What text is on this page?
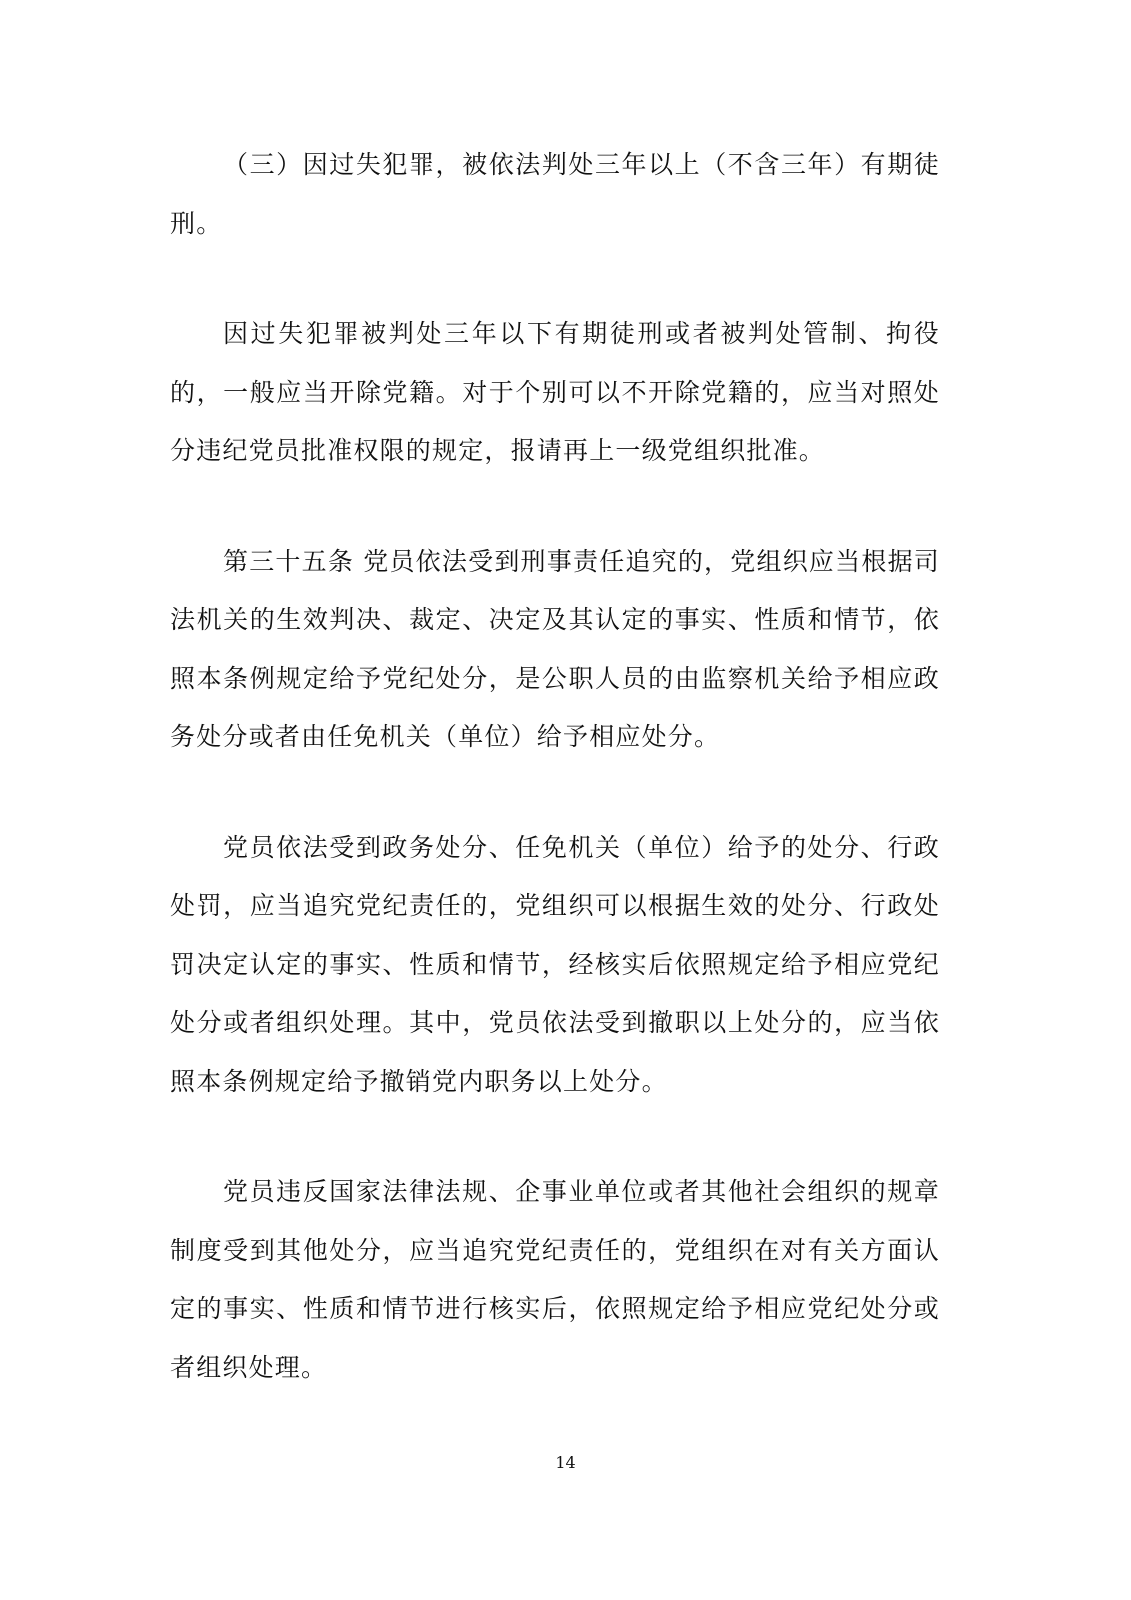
（三）因过失犯罪，被依法判处三年以上（不含三年）有期徒刑。

因过失犯罪被判处三年以下有期徒刑或者被判处管制、拘役的，一般应当开除党籍。对于个别可以不开除党籍的，应当对照处分违纪党员批准权限的规定，报请再上一级党组织批准。

第三十五条 党员依法受到刑事责任追究的，党组织应当根据司法机关的生效判决、裁定、决定及其认定的事实、性质和情节，依照本条例规定给予党纪处分，是公职人员的由监察机关给予相应政务处分或者由任免机关（单位）给予相应处分。

党员依法受到政务处分、任免机关（单位）给予的处分、行政处罚，应当追究党纪责任的，党组织可以根据生效的处分、行政处罚决定认定的事实、性质和情节，经核实后依照规定给予相应党纪处分或者组织处理。其中，党员依法受到撤职以上处分的，应当依照本条例规定给予撤销党内职务以上处分。

党员违反国家法律法规、企事业单位或者其他社会组织的规章制度受到其他处分，应当追究党纪责任的，党组织在对有关方面认定的事实、性质和情节进行核实后，依照规定给予相应党纪处分或者组织处理。

14
